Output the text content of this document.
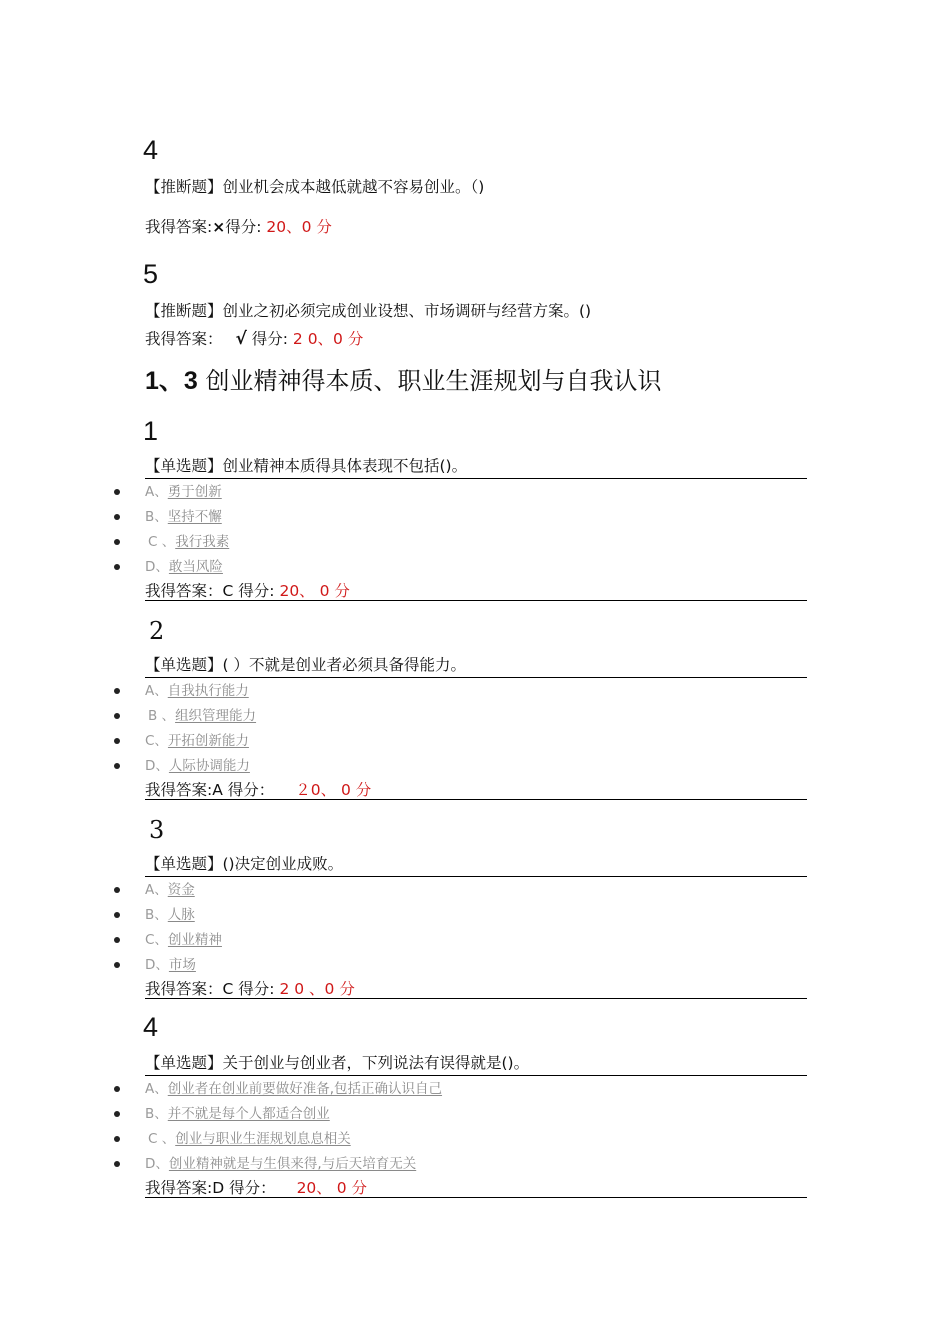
4
【推断题】创业机会成本越低就越不容易创业。（)
我得答案:×得分: 20、0 分
5
【推断题】创业之初必须完成创业设想、市场调研与经营方案。()
我得答案： √ 得分: 2 0、0 分
1、3 创业精神得本质、职业生涯规划与自我认识
1
【单选题】创业精神本质得具体表现不包括()。
A、勇于创新
B、坚持不懈
C 、我行我素
D、敢当风险
我得答案：C 得分: 20、 0 分
2
【单选题】( ）不就是创业者必须具备得能力。
A、自我执行能力
B 、组织管理能力
C、开拓创新能力
D、人际协调能力
我得答案:A 得分： ２0、 0 分
3
【单选题】()决定创业成败。
A、资金
B、人脉
C、创业精神
D、市场
我得答案：C 得分: 2 0 、0 分
4
【单选题】关于创业与创业者，下列说法有误得就是()。
A、创业者在创业前要做好准备,包括正确认识自己
B、并不就是每个人都适合创业
C 、创业与职业生涯规划息息相关
D、创业精神就是与生俱来得,与后天培育无关
我得答案:D 得分： 20、 0 分
